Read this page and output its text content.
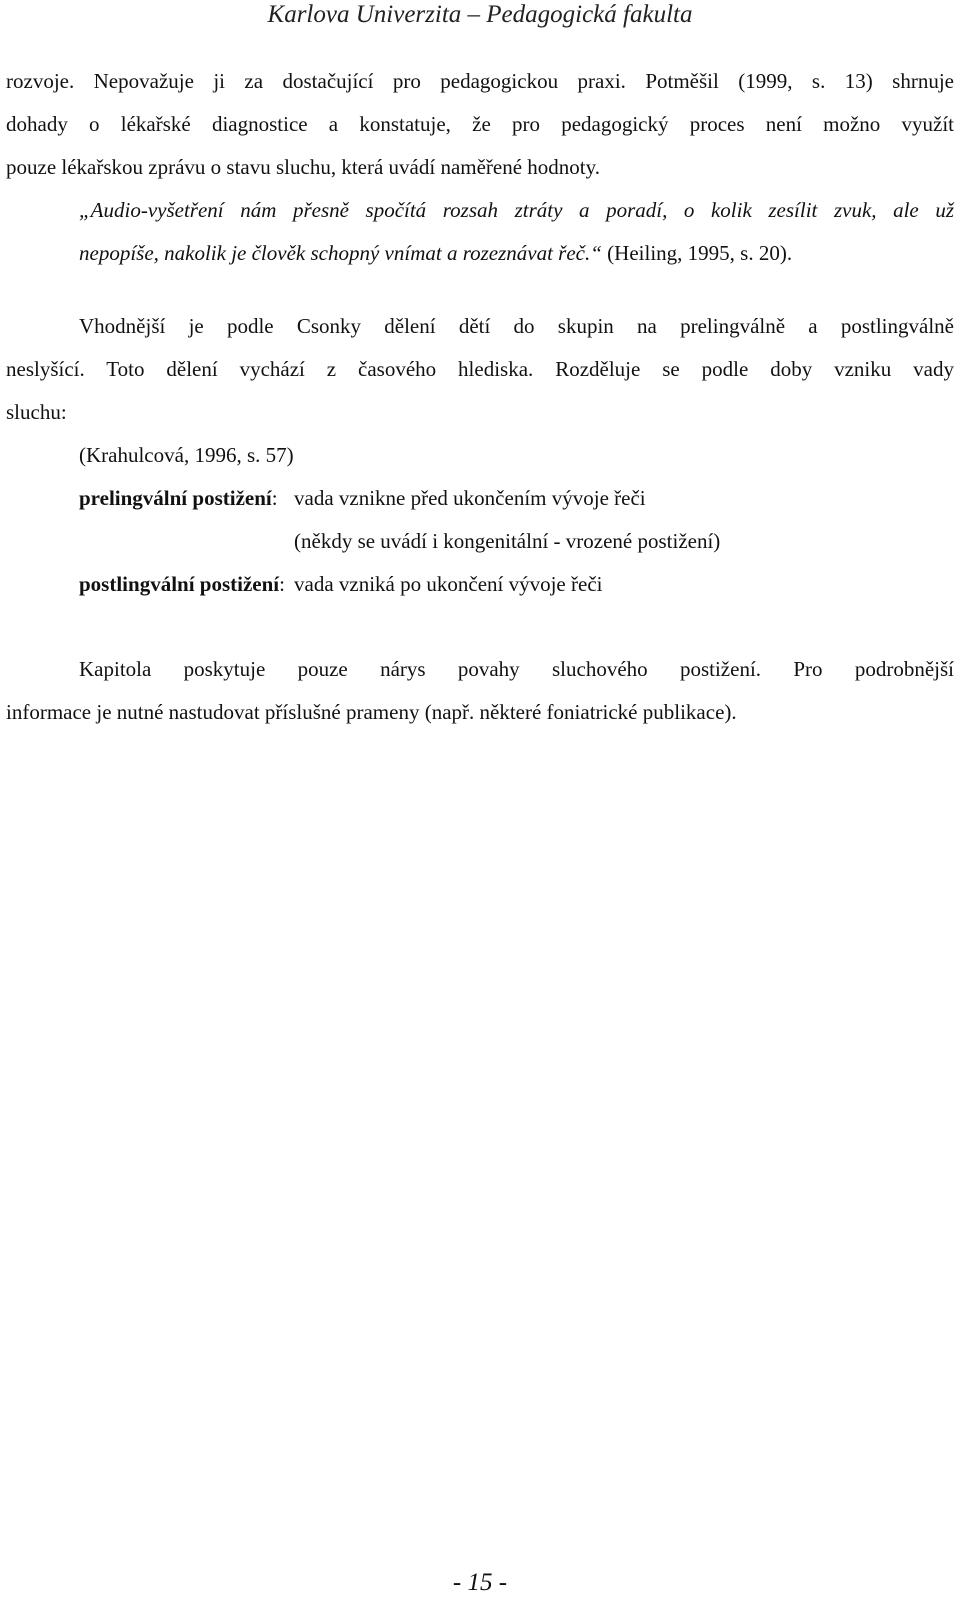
Karlova Univerzita – Pedagogická fakulta
rozvoje. Nepovažuje ji za dostačující pro pedagogickou praxi. Potměšil (1999, s. 13) shrnuje
dohady o lékařské diagnostice a konstatuje, že pro pedagogický proces není možno využít
pouze lékařskou zprávu o stavu sluchu, která uvádí naměřené hodnoty.
„Audio-vyšetření nám přesně spočítá rozsah ztráty a poradí, o kolik zesílit zvuk, ale už
nepopíše, nakolik je člověk schopný vnímat a rozeznávat řeč.“ (Heiling, 1995, s. 20).
Vhodnější je podle Csonky dělení dětí do skupin na prelingválně a postlingválně
neslyšící. Toto dělení vychází z časového hlediska. Rozděluje se podle doby vzniku vady
sluchu:
(Krahulcová, 1996, s. 57)
prelingvální postižení: vada vznikne před ukončením vývoje řeči
(někdy se uvádí i kongenitální - vrozené postižení)
postlingvální postižení: vada vzniká po ukončení vývoje řeči
Kapitola poskytuje pouze nárys povahy sluchového postižení. Pro podrobnější
informace je nutné nastudovat příslušné prameny (např. některé foniatrické publikace).
- 15 -
